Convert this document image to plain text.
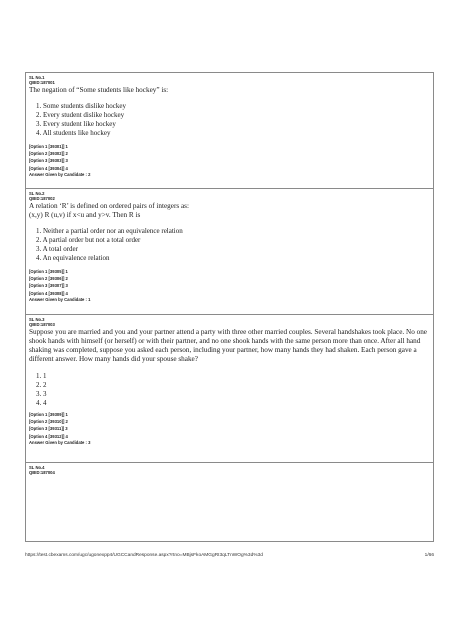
SL No.1
QBID:187001
The negation of “Some students like hockey” is:
1. Some students dislike hockey
2. Every student dislike hockey
3. Every student like hockey
4. All students like hockey
[Option 1 [39301]] 1
[Option 2 [39302]] 2
[Option 3 [39303]] 3
[Option 4 [39304]] 4
Answer Given by Candidate : 2
SL No.2
QBID:187002
A relation ‘R’ is defined on ordered pairs of integers as:
(x,y) R (u,v) if x<u and y>v. Then R is
1. Neither a partial order nor an equivalence relation
2. A partial order but not a total order
3. A total order
4. An equivalence relation
[Option 1 [39305]] 1
[Option 2 [39306]] 2
[Option 3 [39307]] 3
[Option 4 [39308]] 4
Answer Given by Candidate : 1
SL No.3
QBID:187003
Suppose you are married and you and your partner attend a party with three other married couples. Several handshakes took place. No one shook hands with himself (or herself) or with their partner, and no one shook hands with the same person more than once. After all hand shaking was completed, suppose you asked each person, including your partner, how many hands they had shaken. Each person gave a different answer. How many hands did your spouse shake?
1. 1
2. 2
3. 3
4. 4
[Option 1 [39309]] 1
[Option 2 [39310]] 2
[Option 3 [39311]] 3
[Option 4 [39312]] 4
Answer Given by Candidate : 3
SL No.4
QBID:187004
https://test.cbexams.com/ugc/ugonexpp4/UGCCandResponse.aspx?rtno=MBjsFkoAMGgRI3qLTnWOg%3d%3d	1/66
